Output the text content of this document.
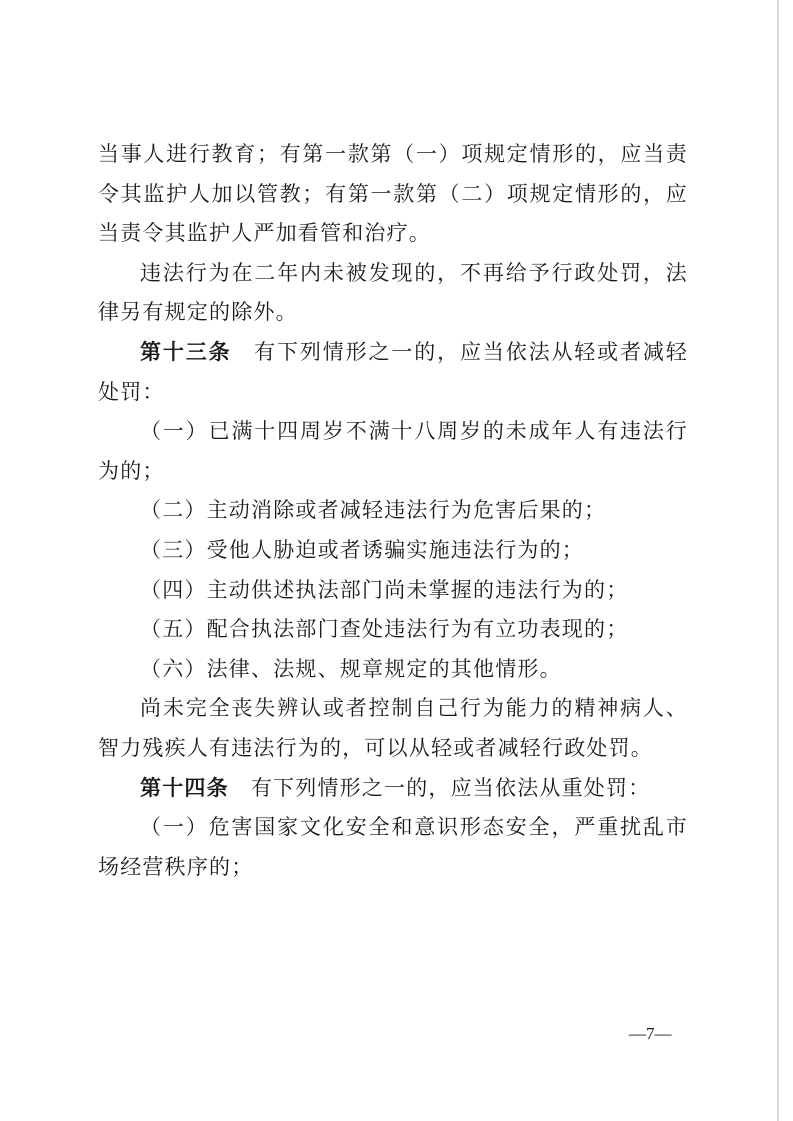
当事人进行教育；有第一款第（一）项规定情形的，应当责令其监护人加以管教；有第一款第（二）项规定情形的，应当责令其监护人严加看管和治疗。

违法行为在二年内未被发现的，不再给予行政处罚，法律另有规定的除外。

第十三条 有下列情形之一的，应当依法从轻或者减轻处罚：

（一）已满十四周岁不满十八周岁的未成年人有违法行为的；

（二）主动消除或者减轻违法行为危害后果的；

（三）受他人胁迫或者诱骗实施违法行为的；

（四）主动供述执法部门尚未掌握的违法行为的；

（五）配合执法部门查处违法行为有立功表现的；

（六）法律、法规、规章规定的其他情形。

尚未完全丧失辨认或者控制自己行为能力的精神病人、智力残疾人有违法行为的，可以从轻或者减轻行政处罚。

第十四条 有下列情形之一的，应当依法从重处罚：

（一）危害国家文化安全和意识形态安全，严重扰乱市场经营秩序的；

—7—
